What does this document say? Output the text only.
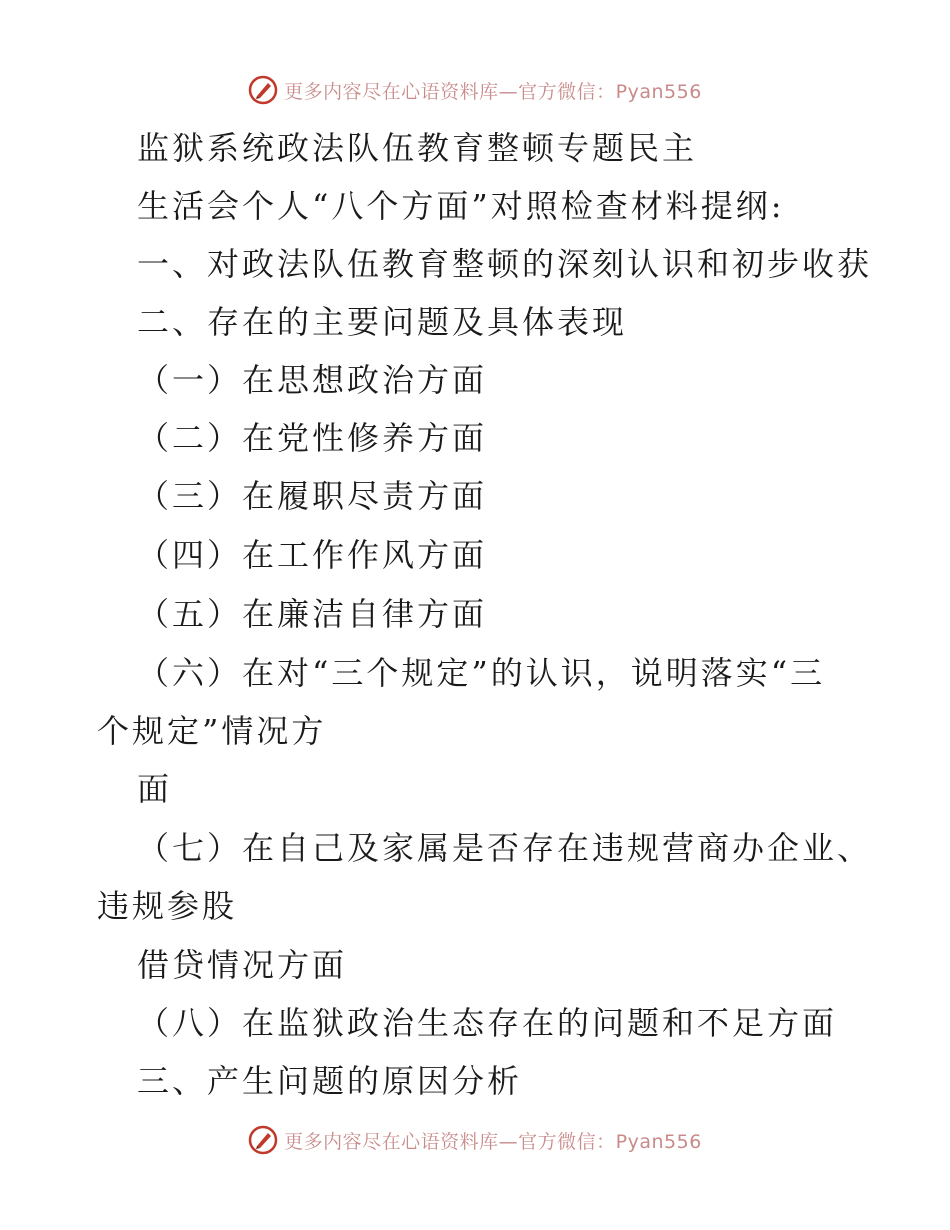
更多内容尽在心语资料库—官方微信：Pyan556
监狱系统政法队伍教育整顿专题民主
生活会个人“八个方面”对照检查材料提纲:
一、对政法队伍教育整顿的深刻认识和初步收获
二、存在的主要问题及具体表现
（一）在思想政治方面
（二）在党性修养方面
（三）在履职尽责方面
（四）在工作作风方面
（五）在廉洁自律方面
（六）在对“三个规定”的认识，说明落实“三
个规定”情况方
面
（七）在自己及家属是否存在违规营商办企业、
违规参股
借贷情况方面
（八）在监狱政治生态存在的问题和不足方面
三、产生问题的原因分析
更多内容尽在心语资料库—官方微信：Pyan556
